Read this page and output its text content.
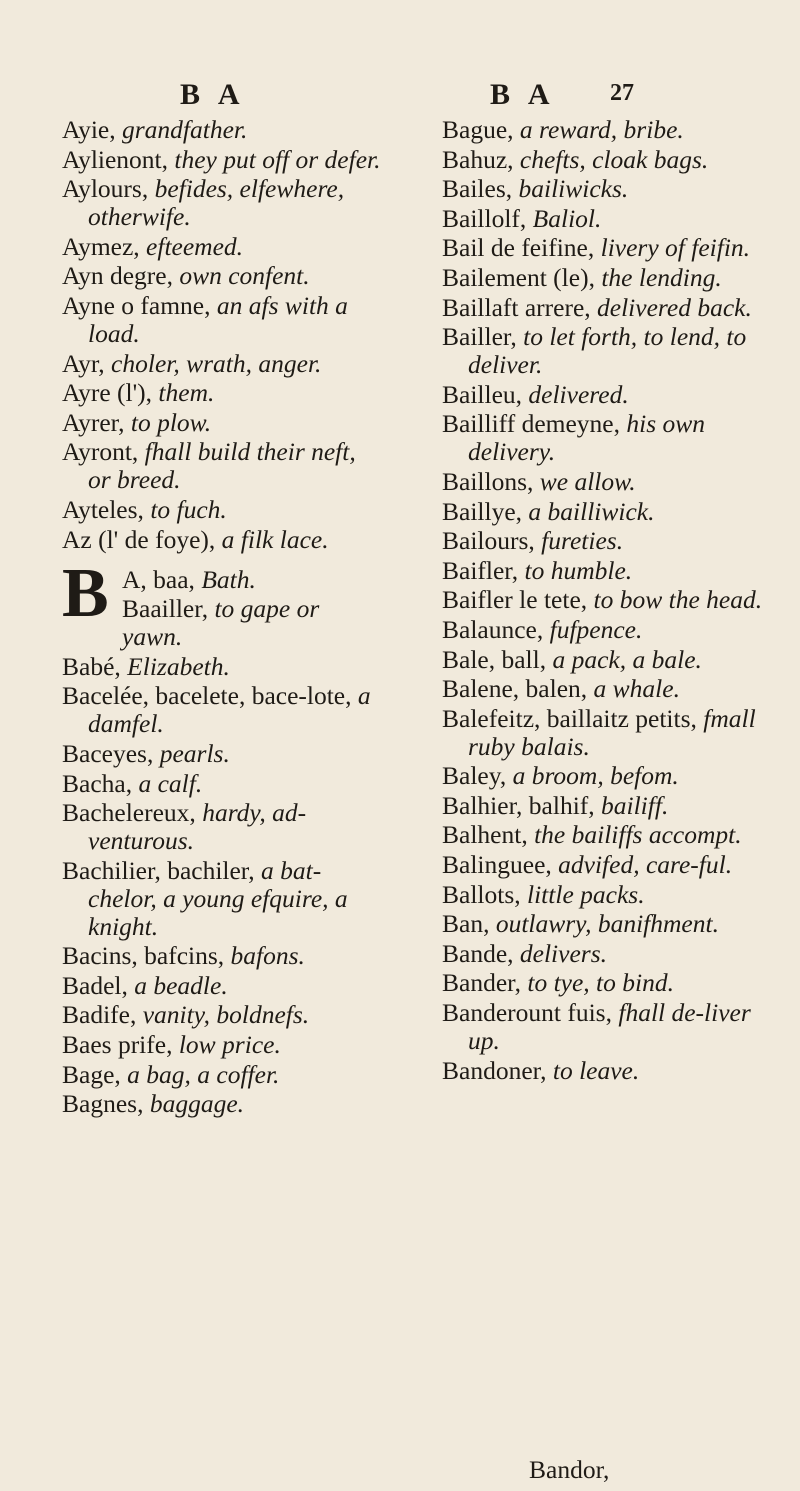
B A
Ayie, grandfather.
Aylienont, they put off or defer.
Aylours, befides, elfewhere, otherwife.
Aymez, efteemed.
Ayn degre, own confent.
Ayne o famne, an afs with a load.
Ayr, choler, wrath, anger.
Ayre (l'), them.
Ayrer, to plow.
Ayront, fhall build their neft, or breed.
Ayteles, to fuch.
Az (l' de foye), a filk lace.
B A, baa, Bath.
Baailler, to gape or yawn.
Babé, Elizabeth.
Bacelée, bacelete, bace-lote, a damfel.
Baceyes, pearls.
Bacha, a calf.
Bachelereux, hardy, ad-venturous.
Bachilier, bachiler, a bat-chelor, a young efquire, a knight.
Bacins, bafcins, bafons.
Badel, a beadle.
Badife, vanity, boldnefs.
Baes prife, low price.
Bage, a bag, a coffer.
Bagnes, baggage.
B A 27
Bague, a reward, bribe.
Bahuz, chefts, cloak bags.
Bailes, bailiwicks.
Baillolf, Baliol.
Bail de feifine, livery of feifin.
Bailement (le), the lending.
Baillaft arrere, delivered back.
Bailler, to let forth, to lend, to deliver.
Bailleu, delivered.
Bailliff demeyne, his own delivery.
Baillons, we allow.
Baillye, a bailliwick.
Bailours, fureties.
Baifler, to humble.
Baifler le tete, to bow the head.
Balaunce, fufpence.
Bale, ball, a pack, a bale.
Balene, balen, a whale.
Balefeitz, baillaitz petits, fmall ruby balais.
Baley, a broom, befom.
Balhier, balhif, bailiff.
Balhent, the bailiffs accompt.
Balinguee, advifed, care-ful.
Ballots, little packs.
Ban, outlawry, banifhment.
Bande, delivers.
Bander, to tye, to bind.
Banderount fuis, fhall de-liver up.
Bandoner, to leave.
Bandor,
